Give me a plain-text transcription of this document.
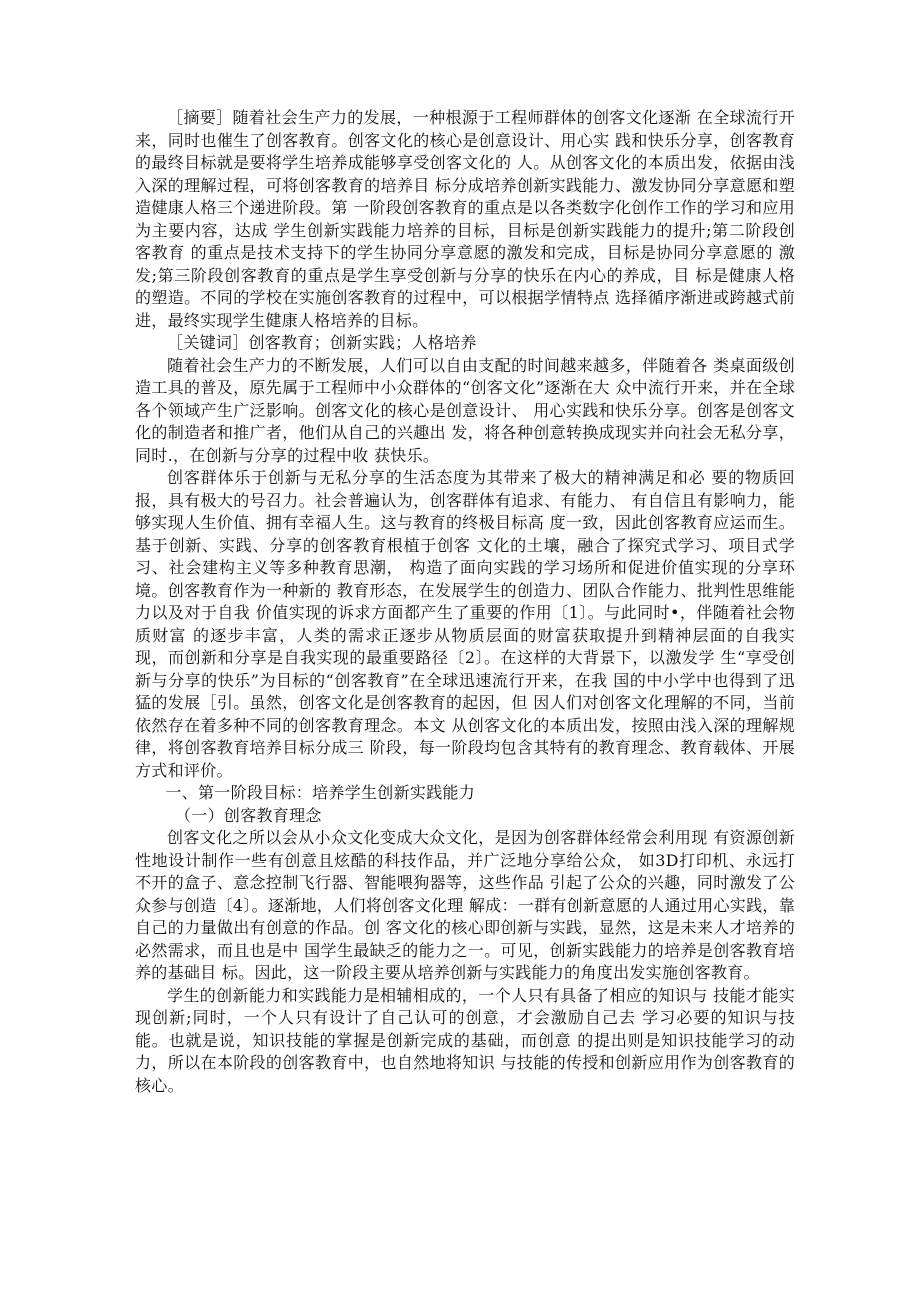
［摘要］随着社会生产力的发展，一种根源于工程师群体的创客文化逐渐 在全球流行开来，同时也催生了创客教育。创客文化的核心是创意设计、用心实 践和快乐分享，创客教育的最终目标就是要将学生培养成能够享受创客文化的 人。从创客文化的本质出发，依据由浅入深的理解过程，可将创客教育的培养目 标分成培养创新实践能力、激发协同分享意愿和塑造健康人格三个递进阶段。第 一阶段创客教育的重点是以各类数字化创作工作的学习和应用为主要内容，达成 学生创新实践能力培养的目标，目标是创新实践能力的提升;第二阶段创客教育 的重点是技术支持下的学生协同分享意愿的激发和完成，目标是协同分享意愿的 激发;第三阶段创客教育的重点是学生享受创新与分享的快乐在内心的养成，目 标是健康人格的塑造。不同的学校在实施创客教育的过程中，可以根据学情特点 选择循序渐进或跨越式前进，最终实现学生健康人格培养的目标。

［关键词］创客教育；创新实践；人格培养

随着社会生产力的不断发展，人们可以自由支配的时间越来越多，伴随着各 类桌面级创造工具的普及，原先属于工程师中小众群体的“创客文化”逐渐在大 众中流行开来，并在全球各个领域产生广泛影响。创客文化的核心是创意设计、 用心实践和快乐分享。创客是创客文化的制造者和推广者，他们从自己的兴趣出 发，将各种创意转换成现实并向社会无私分享，同时.，在创新与分享的过程中收 获快乐。

创客群体乐于创新与无私分享的生活态度为其带来了极大的精神满足和必 要的物质回报，具有极大的号召力。社会普遍认为，创客群体有追求、有能力、 有自信且有影响力，能够实现人生价值、拥有幸福人生。这与教育的终极目标高 度一致，因此创客教育应运而生。基于创新、实践、分享的创客教育根植于创客 文化的土壤，融合了探究式学习、项目式学习、社会建构主义等多种教育思潮， 构造了面向实践的学习场所和促进价值实现的分享环境。创客教育作为一种新的 教育形态，在发展学生的创造力、团队合作能力、批判性思维能力以及对于自我 价值实现的诉求方面都产生了重要的作用〔1〕。与此同时•，伴随着社会物质财富 的逐步丰富，人类的需求正逐步从物质层面的财富获取提升到精神层面的自我实 现，而创新和分享是自我实现的最重要路径〔2〕。在这样的大背景下，以激发学 生“享受创新与分享的快乐”为目标的“创客教育”在全球迅速流行开来，在我 国的中小学中也得到了迅猛的发展［引。虽然，创客文化是创客教育的起因，但 因人们对创客文化理解的不同，当前依然存在着多种不同的创客教育理念。本文 从创客文化的本质出发，按照由浅入深的理解规律，将创客教育培养目标分成三 阶段，每一阶段均包含其特有的教育理念、教育载体、开展方式和评价。

一、第一阶段目标：培养学生创新实践能力

（一）创客教育理念

创客文化之所以会从小众文化变成大众文化，是因为创客群体经常会利用现 有资源创新性地设计制作一些有创意且炫酷的科技作品，并广泛地分享给公众， 如3D打印机、永远打不开的盒子、意念控制飞行器、智能喂狗器等，这些作品 引起了公众的兴趣，同时激发了公众参与创造〔4〕。逐渐地，人们将创客文化理 解成：一群有创新意愿的人通过用心实践，靠自己的力量做出有创意的作品。创 客文化的核心即创新与实践，显然，这是未来人才培养的必然需求，而且也是中 国学生最缺乏的能力之一。可见，创新实践能力的培养是创客教育培养的基础目 标。因此，这一阶段主要从培养创新与实践能力的角度出发实施创客教育。

学生的创新能力和实践能力是相辅相成的，一个人只有具备了相应的知识与 技能才能实现创新;同时，一个人只有设计了自己认可的创意，才会激励自己去 学习必要的知识与技能。也就是说，知识技能的掌握是创新完成的基础，而创意 的提出则是知识技能学习的动力，所以在本阶段的创客教育中，也自然地将知识 与技能的传授和创新应用作为创客教育的核心。
